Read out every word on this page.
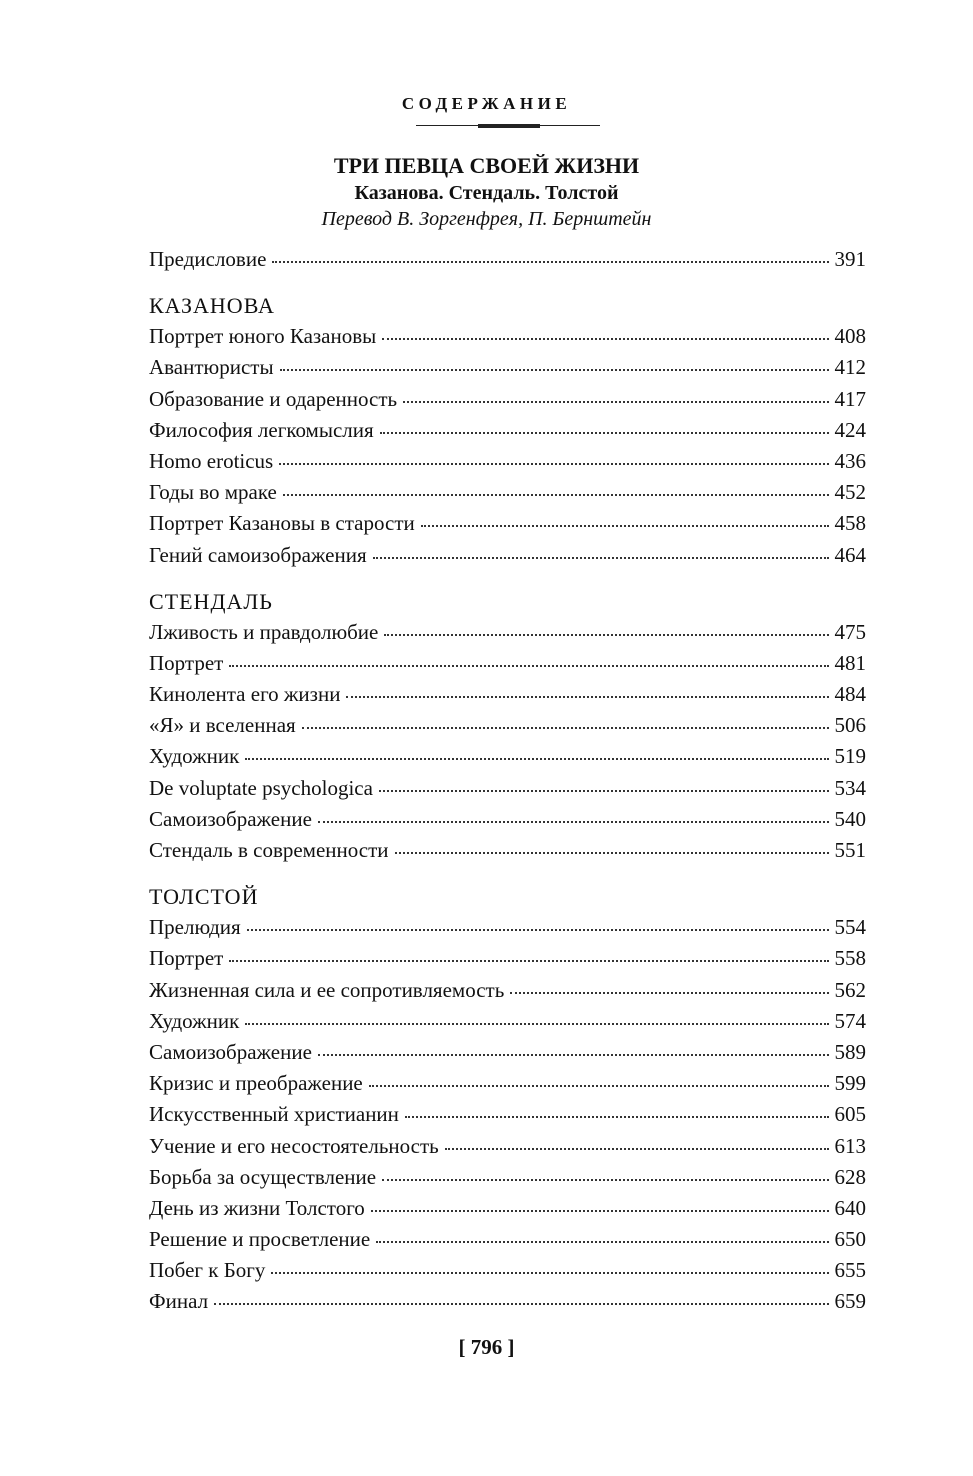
СОДЕРЖАНИЕ
ТРИ ПЕВЦА СВОЕЙ ЖИЗНИ
Казанова. Стендаль. Толстой
Перевод В. Зоргенфрея, П. Бернштейн
Предисловие	391
КАЗАНОВА
Портрет юного Казановы	408
Авантюристы	412
Образование и одаренность	417
Философия легкомыслия	424
Homo eroticus	436
Годы во мраке	452
Портрет Казановы в старости	458
Гений самоизображения	464
СТЕНДАЛЬ
Лживость и правдолюбие	475
Портрет	481
Кинолента его жизни	484
«Я» и вселенная	506
Художник	519
De voluptate psychologica	534
Самоизображение	540
Стендаль в современности	551
ТОЛСТОЙ
Прелюдия	554
Портрет	558
Жизненная сила и ее сопротивляемость	562
Художник	574
Самоизображение	589
Кризис и преображение	599
Искусственный христианин	605
Учение и его несостоятельность	613
Борьба за осуществление	628
День из жизни Толстого	640
Решение и просветление	650
Побег к Богу	655
Финал	659
[ 796 ]
